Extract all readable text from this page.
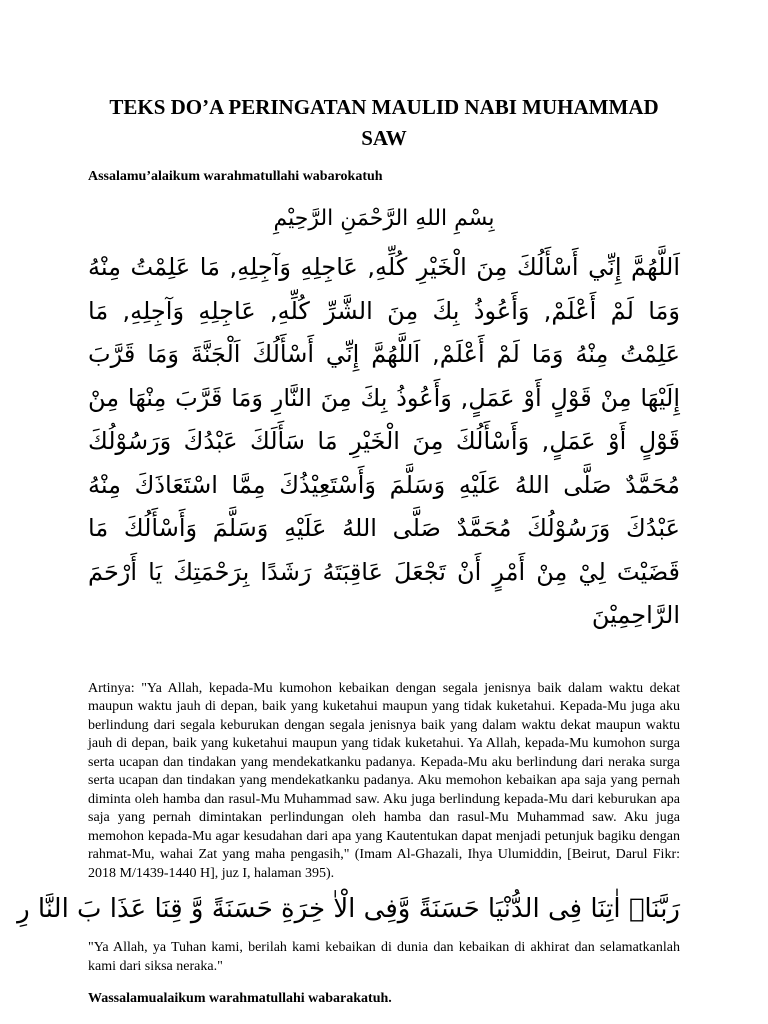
TEKS DO’A PERINGATAN MAULID NABI MUHAMMAD SAW

Assalamu’alaikum warahmatullahi wabarokatuh

بِسْمِ اللهِ الرَّحْمَنِ الرَّحِيْمِ

اَللَّهُمَّ إِنِّي أَسْأَلُكَ مِنَ الْخَيْرِ كُلِّهِ, عَاجِلِهِ وَآجِلِهِ, مَا عَلِمْتُ مِنْهُ وَمَا لَمْ أَعْلَمْ, وَأَعُوذُ بِكَ مِنَ الشَّرِّ كُلِّهِ, عَاجِلِهِ وَآجِلِهِ, مَا عَلِمْتُ مِنْهُ وَمَا لَمْ أَعْلَمْ, اَللَّهُمَّ إِنِّي أَسْأَلُكَ اَلْجَنَّةَ وَمَا قَرَّبَ إِلَيْهَا مِنْ قَوْلٍ أَوْ عَمَلٍ, وَأَعُوذُ بِكَ مِنَ النَّارِ وَمَا قَرَّبَ مِنْهَا مِنْ قَوْلٍ أَوْ عَمَلٍ, وَأَسْأَلُكَ مِنَ الْخَيْرِ مَا سَأَلَكَ عَبْدُكَ وَرَسُوْلُكَ مُحَمَّدٌ صَلَّى اللهُ عَلَيْهِ وَسَلَّمَ وَأَسْتَعِيْذُكَ مِمَّا اسْتَعَاذَكَ مِنْهُ عَبْدُكَ وَرَسُوْلُكَ مُحَمَّدٌ صَلَّى اللهُ عَلَيْهِ وَسَلَّمَ وَأَسْأَلُكَ مَا قَضَيْتَ لِيْ مِنْ أَمْرٍ أَنْ تَجْعَلَ عَاقِبَتَهُ رَشَدًا بِرَحْمَتِكَ يَا أَرْحَمَ الرَّاحِمِيْنَ

Artinya: "Ya Allah, kepada-Mu kumohon kebaikan dengan segala jenisnya baik dalam waktu dekat maupun waktu jauh di depan, baik yang kuketahui maupun yang tidak kuketahui. Kepada-Mu juga aku berlindung dari segala keburukan dengan segala jenisnya baik yang dalam waktu dekat maupun waktu jauh di depan, baik yang kuketahui maupun yang tidak kuketahui. Ya Allah, kepada-Mu kumohon surga serta ucapan dan tindakan yang mendekatkanku padanya. Kepada-Mu aku berlindung dari neraka surga serta ucapan dan tindakan yang mendekatkanku padanya. Aku memohon kebaikan apa saja yang pernah diminta oleh hamba dan rasul-Mu Muhammad saw. Aku juga berlindung kepada-Mu dari keburukan apa saja yang pernah dimintakan perlindungan oleh hamba dan rasul-Mu Muhammad saw. Aku juga memohon kepada-Mu agar kesudahan dari apa yang Kautentukan dapat menjadi petunjuk bagiku dengan rahmat-Mu, wahai Zat yang maha pengasih," (Imam Al-Ghazali, Ihya Ulumiddin, [Beirut, Darul Fikr: 2018 M/1439-1440 H], juz I, halaman 395).

رَبَّنَاۤ اٰتِنَا فِى الدُّنْيَا حَسَنَةً وَّفِى الْاٰ خِرَةِ حَسَنَةً وَّ قِنَا عَذَا بَ النَّا رِ

"Ya Allah, ya Tuhan kami, berilah kami kebaikan di dunia dan kebaikan di akhirat dan selamatkanlah kami dari siksa neraka."

Wassalamualaikum warahmatullahi wabarakatuh.
